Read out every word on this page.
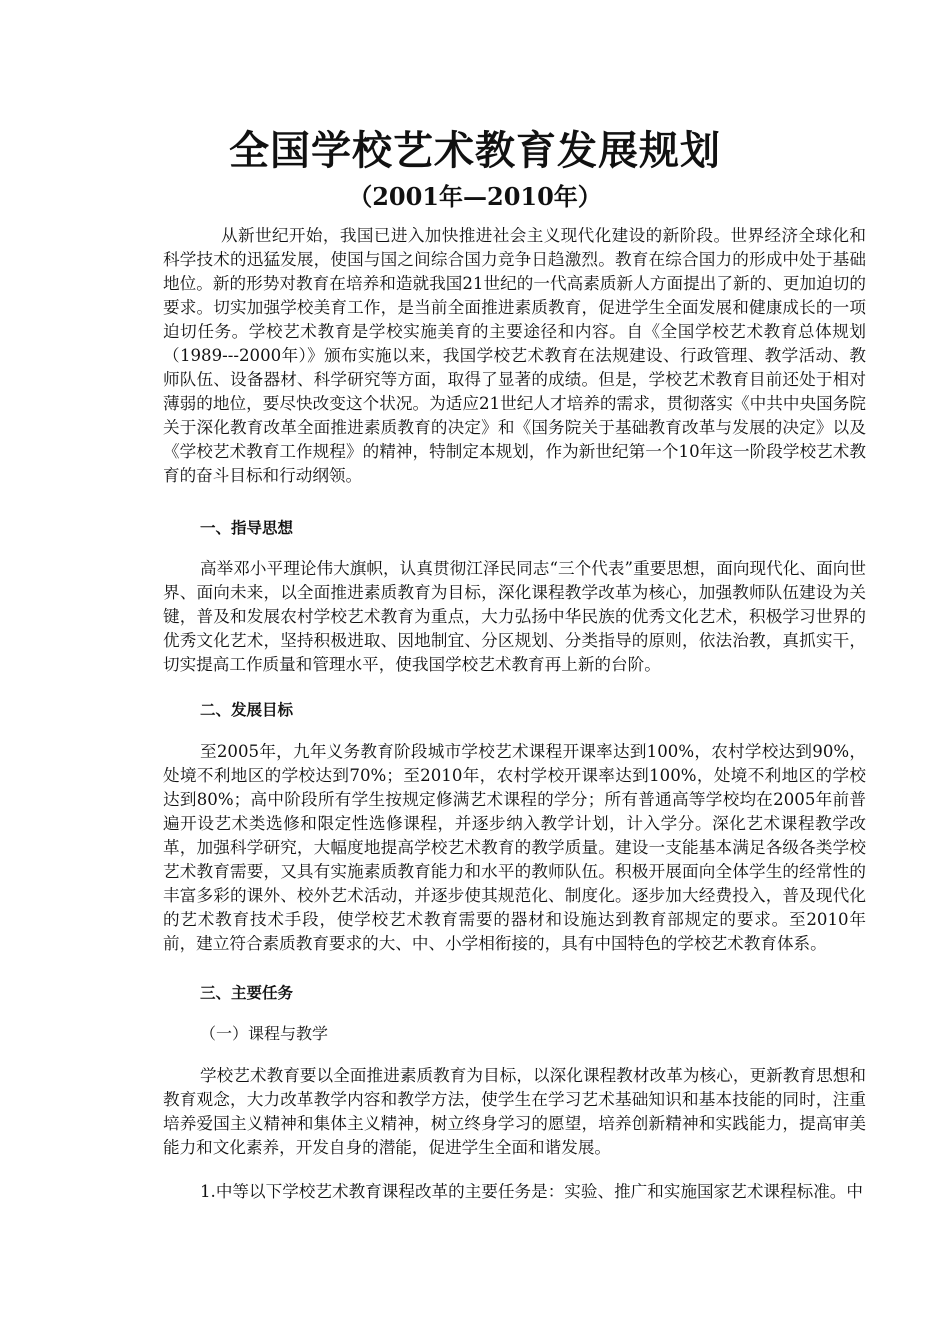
全国学校艺术教育发展规划
（2001年—2010年）
从新世纪开始，我国已进入加快推进社会主义现代化建设的新阶段。世界经济全球化和科学技术的迅猛发展，使国与国之间综合国力竞争日趋激烈。教育在综合国力的形成中处于基础地位。新的形势对教育在培养和造就我国21世纪的一代高素质新人方面提出了新的、更加迫切的要求。切实加强学校美育工作，是当前全面推进素质教育，促进学生全面发展和健康成长的一项迫切任务。学校艺术教育是学校实施美育的主要途径和内容。自《全国学校艺术教育总体规划（1989---2000年）》颁布实施以来，我国学校艺术教育在法规建设、行政管理、教学活动、教师队伍、设备器材、科学研究等方面，取得了显著的成绩。但是，学校艺术教育目前还处于相对薄弱的地位，要尽快改变这个状况。为适应21世纪人才培养的需求，贯彻落实《中共中央国务院关于深化教育改革全面推进素质教育的决定》和《国务院关于基础教育改革与发展的决定》以及《学校艺术教育工作规程》的精神，特制定本规划，作为新世纪第一个10年这一阶段学校艺术教育的奋斗目标和行动纲领。
一、指导思想
高举邓小平理论伟大旗帜，认真贯彻江泽民同志“三个代表”重要思想，面向现代化、面向世界、面向未来，以全面推进素质教育为目标，深化课程教学改革为核心，加强教师队伍建设为关键，普及和发展农村学校艺术教育为重点，大力弘扬中华民族的优秀文化艺术，积极学习世界的优秀文化艺术，坚持积极进取、因地制宜、分区规划、分类指导的原则，依法治教，真抓实干，切实提高工作质量和管理水平，使我国学校艺术教育再上新的台阶。
二、发展目标
至2005年，九年义务教育阶段城市学校艺术课程开课率达到100%，农村学校达到90%，处境不利地区的学校达到70%；至2010年，农村学校开课率达到100%，处境不利地区的学校达到80%；高中阶段所有学生按规定修满艺术课程的学分；所有普通高等学校均在2005年前普遍开设艺术类选修和限定性选修课程，并逐步纳入教学计划，计入学分。深化艺术课程教学改革，加强科学研究，大幅度地提高学校艺术教育的教学质量。建设一支能基本满足各级各类学校艺术教育需要，又具有实施素质教育能力和水平的教师队伍。积极开展面向全体学生的经常性的丰富多彩的课外、校外艺术活动，并逐步使其规范化、制度化。逐步加大经费投入，普及现代化的艺术教育技术手段，使学校艺术教育需要的器材和设施达到教育部规定的要求。至2010年前，建立符合素质教育要求的大、中、小学相衔接的，具有中国特色的学校艺术教育体系。
三、主要任务
（一）课程与教学
学校艺术教育要以全面推进素质教育为目标，以深化课程教材改革为核心，更新教育思想和教育观念，大力改革教学内容和教学方法，使学生在学习艺术基础知识和基本技能的同时，注重培养爱国主义精神和集体主义精神，树立终身学习的愿望，培养创新精神和实践能力，提高审美能力和文化素养，开发自身的潜能，促进学生全面和谐发展。
1.中等以下学校艺术教育课程改革的主要任务是：实验、推广和实施国家艺术课程标准。中
